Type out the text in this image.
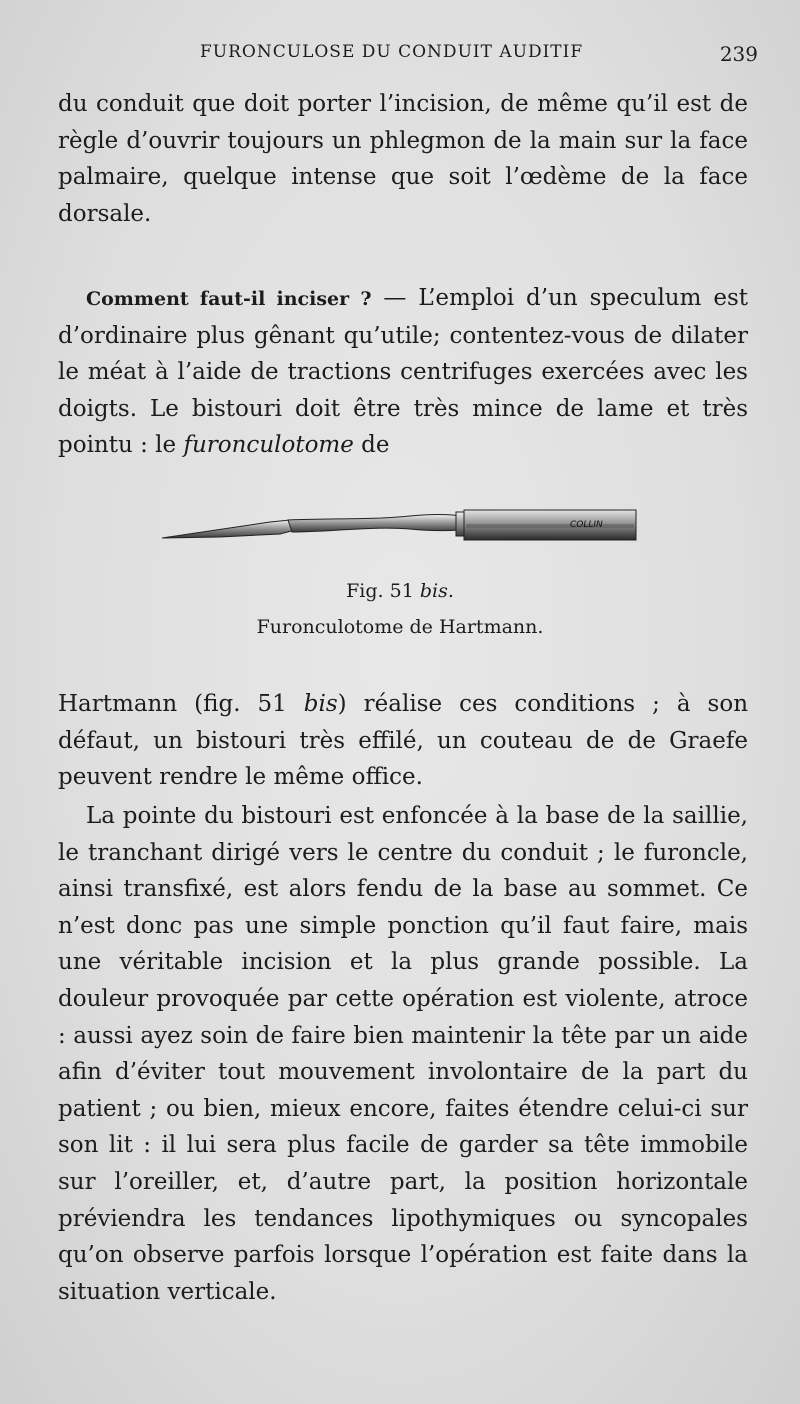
FURONCULOSE DU CONDUIT AUDITIF	239

du conduit que doit porter l’incision, de même qu’il est de règle d’ouvrir toujours un phlegmon de la main sur la face palmaire, quelque intense que soit l’œdème de la face dorsale.

Comment faut-il inciser ? — L’emploi d’un speculum est d’ordinaire plus gênant qu’utile; contentez-vous de dilater le méat à l’aide de tractions centrifuges exercées avec les doigts. Le bistouri doit être très mince de lame et très pointu : le furonculotome de

COLLIN
Fig. 51 bis.
Furonculotome de Hartmann.

Hartmann (fig. 51 bis) réalise ces conditions ; à son défaut, un bistouri très effilé, un couteau de de Graefe peuvent rendre le même office.

La pointe du bistouri est enfoncée à la base de la saillie, le tranchant dirigé vers le centre du conduit ; le furoncle, ainsi transfixé, est alors fendu de la base au sommet. Ce n’est donc pas une simple ponction qu’il faut faire, mais une véritable incision et la plus grande possible. La douleur provoquée par cette opération est violente, atroce : aussi ayez soin de faire bien maintenir la tête par un aide afin d’éviter tout mouvement involontaire de la part du patient ; ou bien, mieux encore, faites étendre celui-ci sur son lit : il lui sera plus facile de garder sa tête immobile sur l’oreiller, et, d’autre part, la position horizontale préviendra les tendances lipothymiques ou syncopales qu’on observe parfois lorsque l’opération est faite dans la situation verticale.
